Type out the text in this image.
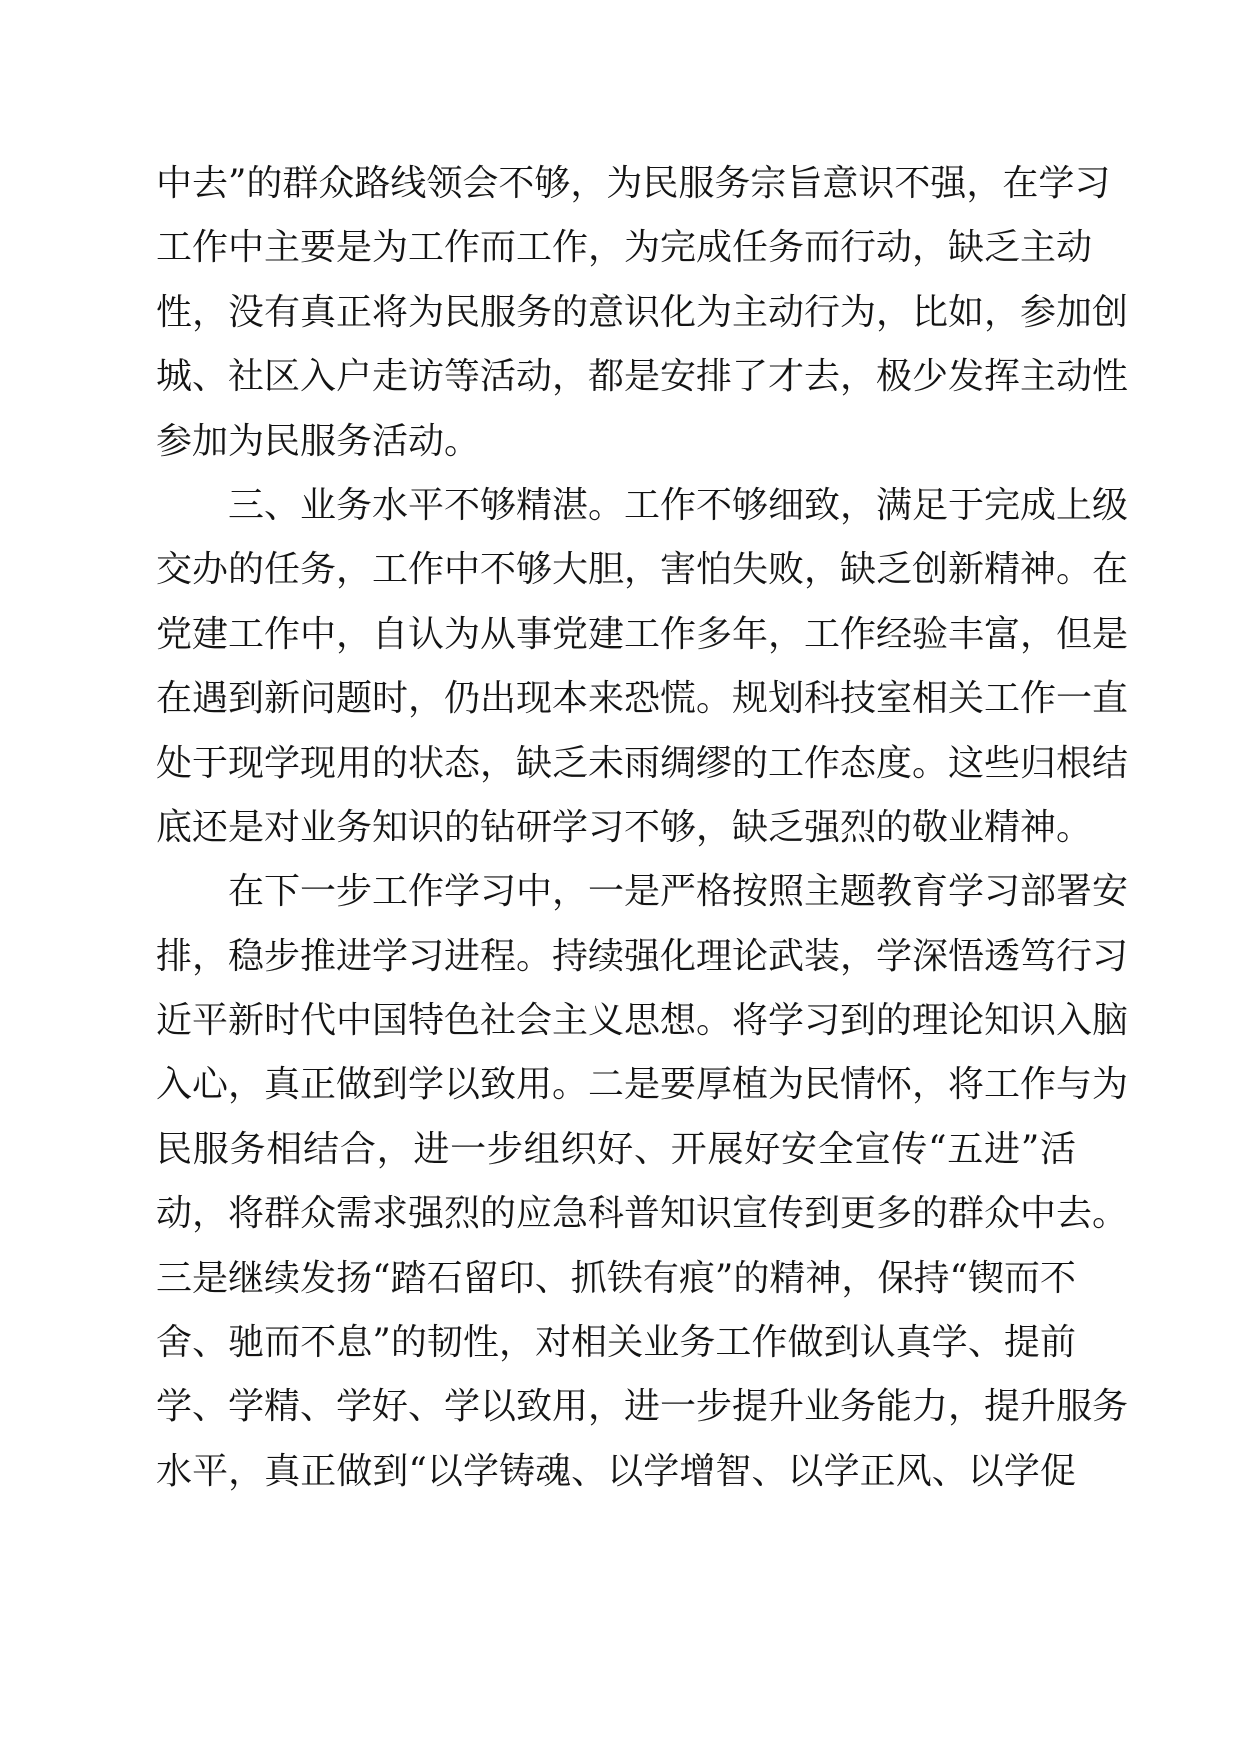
中去”的群众路线领会不够，为民服务宗旨意识不强，在学习
工作中主要是为工作而工作，为完成任务而行动，缺乏主动
性，没有真正将为民服务的意识化为主动行为，比如，参加创
城、社区入户走访等活动，都是安排了才去，极少发挥主动性
参加为民服务活动。
　　三、业务水平不够精湛。工作不够细致，满足于完成上级
交办的任务，工作中不够大胆，害怕失败，缺乏创新精神。在
党建工作中，自认为从事党建工作多年，工作经验丰富，但是
在遇到新问题时，仍出现本来恐慌。规划科技室相关工作一直
处于现学现用的状态，缺乏未雨绸缪的工作态度。这些归根结
底还是对业务知识的钻研学习不够，缺乏强烈的敬业精神。
　　在下一步工作学习中，一是严格按照主题教育学习部署安
排，稳步推进学习进程。持续强化理论武装，学深悟透笃行习
近平新时代中国特色社会主义思想。将学习到的理论知识入脑
入心，真正做到学以致用。二是要厚植为民情怀，将工作与为
民服务相结合，进一步组织好、开展好安全宣传“五进”活
动，将群众需求强烈的应急科普知识宣传到更多的群众中去。
三是继续发扬“踏石留印、抓铁有痕”的精神，保持“锲而不
舍、驰而不息”的韧性，对相关业务工作做到认真学、提前
学、学精、学好、学以致用，进一步提升业务能力，提升服务
水平，真正做到“以学铸魂、以学增智、以学正风、以学促
